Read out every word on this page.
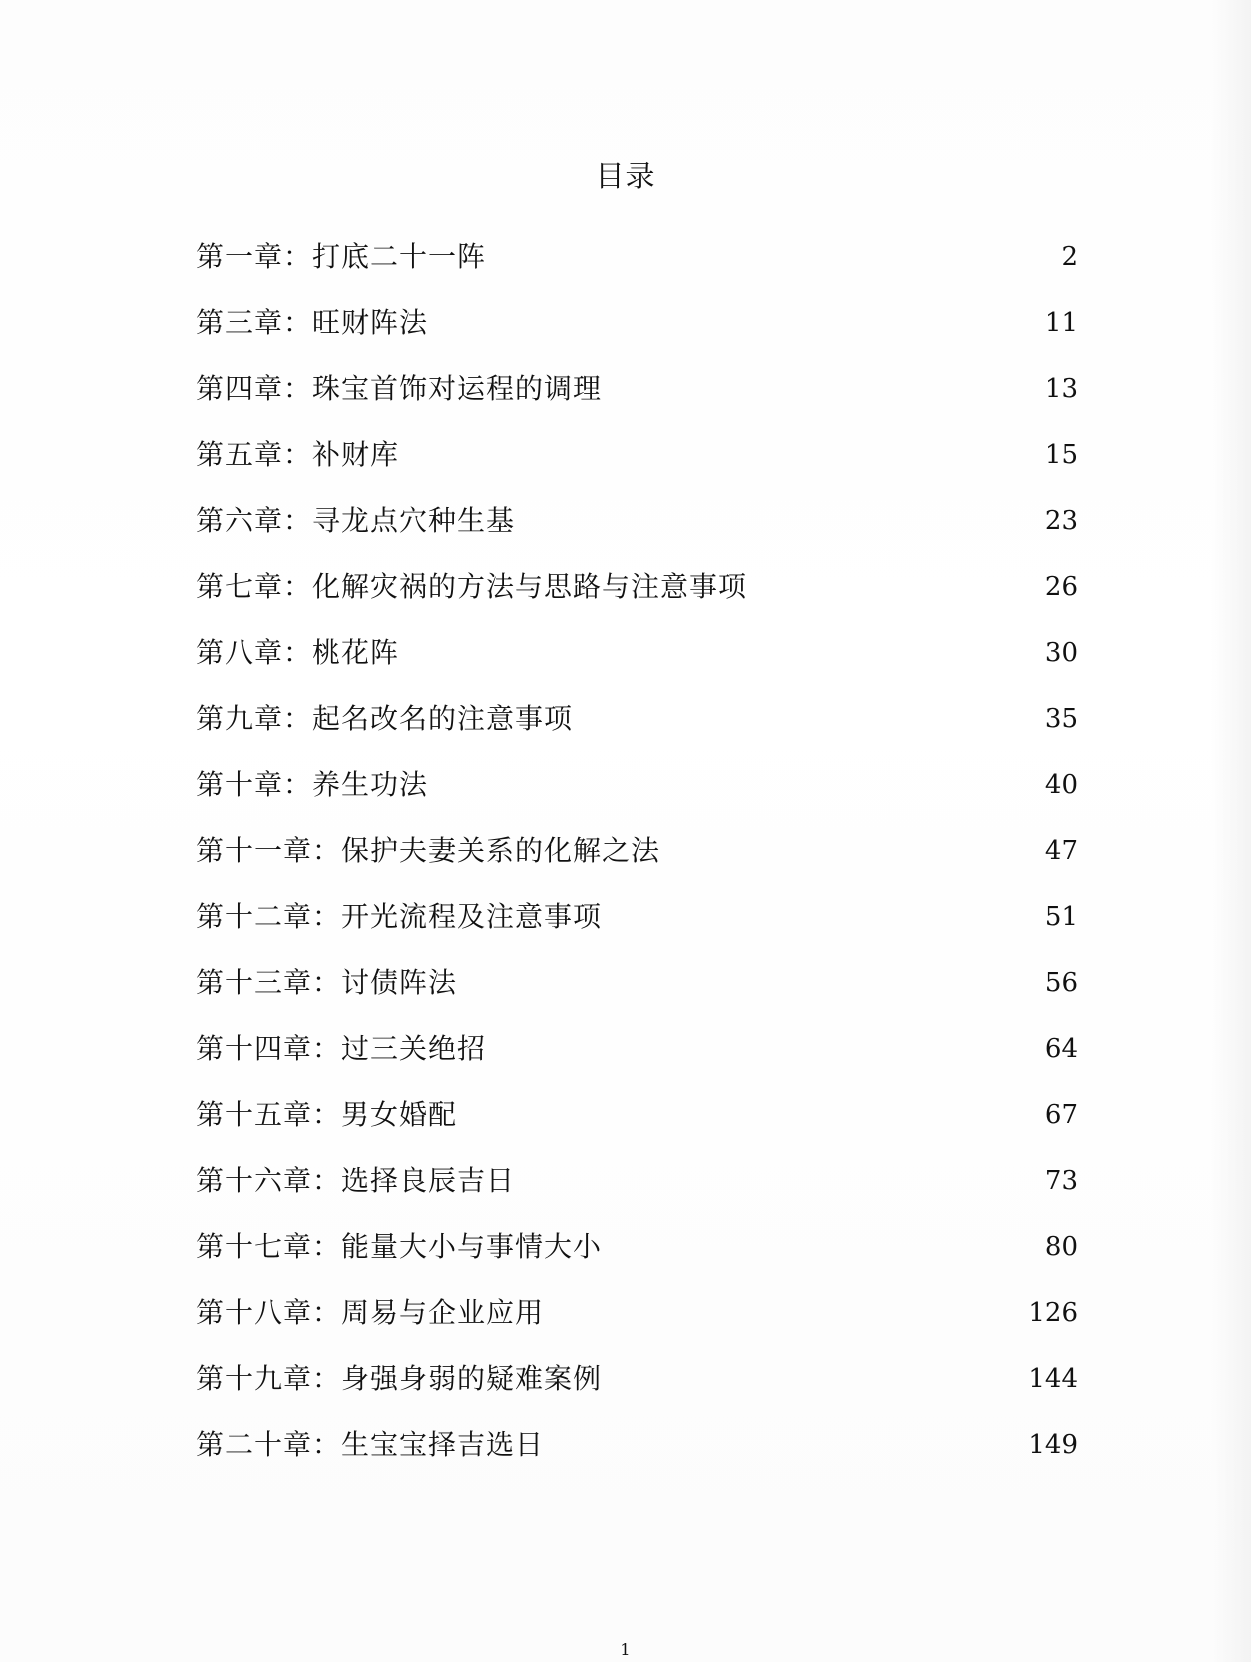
目录
第一章：打底二十一阵	2
第三章：旺财阵法	11
第四章：珠宝首饰对运程的调理	13
第五章：补财库	15
第六章：寻龙点穴种生基	23
第七章：化解灾祸的方法与思路与注意事项	26
第八章：桃花阵	30
第九章：起名改名的注意事项	35
第十章：养生功法	40
第十一章：保护夫妻关系的化解之法	47
第十二章：开光流程及注意事项	51
第十三章：讨债阵法	56
第十四章：过三关绝招	64
第十五章：男女婚配	67
第十六章：选择良辰吉日	73
第十七章：能量大小与事情大小	80
第十八章：周易与企业应用	126
第十九章：身强身弱的疑难案例	144
第二十章：生宝宝择吉选日	149
1
